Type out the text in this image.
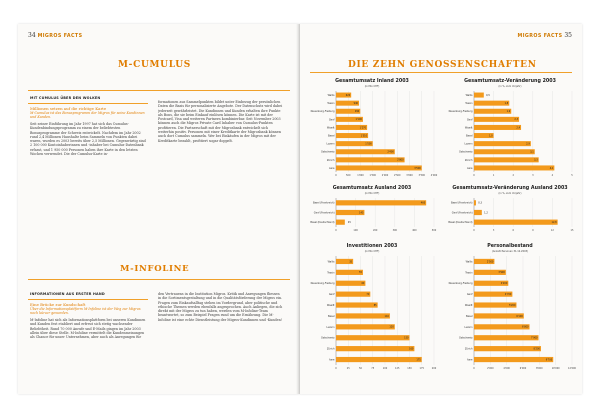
34 MIGROS FACTS
M-CUMULUS
MIT CUMULUS ÜBER DEN WOLKEN
Millionen setzen auf die richtige Karte
M-Cumulus ist das Bonusprogramm der Migros für seine Kundinnen und Kunden.
Seit seiner Einführung im Jahr 1997 hat sich das Cumulus-Kundenbindungsprogramm zu einem der beliebtesten Bonusprogramme der Schweiz entwickelt. Nachdem im Jahr 2002 rund 2,4 Millionen Haushalte beim Sammeln von Punkten dabei waren, wurden es 2003 bereits über 2,5 Millionen. Gegenwärtig sind 2 100 000 Kontoinhaberinnen und -inhaber bei Cumulus-Datenbank erfasst, und 1 950 000 Personen haben ihre Karte in den letzten Wochen verwendet. Die der Cumulus-Karte in-
formationen aus Sammelpunkten bildet unter Einbezug der persönlichen Daten die Basis für personalisierte Angebote. Der Datenschutz wird dabei jederzeit gewährleistet. Die Kundinnen und Kunden erhalten ihre Punkte als Bons, die sie beim Einkauf einlösen können. Die Karte ist mit der Postcard, Visa und weiteren Partnern kombinierbar. Seit November 2003 können auch die Migros Private Card Inhaber von Cumulus-Punkten profitieren. Die Partnerschaft mit der Migrosbank entwickelt sich weiterhin positiv. Personen mit einer Kreditkarte der Migrosbank können auch dort Cumulus sammeln. Wer bei Einkäufen in der Migros mit der Kreditkarte bezahlt, profitiert sogar doppelt.
M-INFOLINE
INFORMATIONEN AUS ERSTER HAND
Eine Brücke zur Kundschaft
Über die Informationsplattform M-Infoline ist der Weg zur Migros noch kürzer geworden.
M-Infoline hat sich als Informationsplattform bei unseren Kundinnen und Kunden fest etabliert und erfreut sich stetig wachsender Beliebtheit. Rund 70 000 Anrufe und E-Mails gingen im Jahr 2003 allein über diese Stelle. M-Infoline vermittelt die Kundenmeinungen als Chance für unser Unternehmen, aber auch als Anregungen für
den Vertrauens in die Institution Migros. Kritik und Anregungen fliessen in die Sortimentsgestaltung und in die Qualitätsförderung der Migros ein. Fragen zum Einkaufsalltag stehen im Vordergrund, aber politische und ethische Themen werden ebenfalls angesprochen. Auch Anliegen, die sich direkt mit der Migros zu tun haben, werden vom M-Infoline-Team beantwortet, so zum Beispiel Fragen rund um die Ernährung. Die M-Infoline ist eine echte Dienstleistung der Migros-Kundinnen und -Kunden!
MIGROS FACTS 35
DIE ZEHN GENOSSENSCHAFTEN
Gesamtumsatz Inland 2003
(in Mio CHF)
0	500	1'000	1'500	2'000	2'500	3'000	3'500	4'000
Wallis	620
Tessin	940
Neuenburg-Freiburg	990
Genf	1'100
Waadt	1'270
Basel	1'310
Luzern	1'500
Ostschweiz	2'400
Zürich	2'800
Aare	3'500
Gesamtumsatz-Veränderung 2003
(in %, zum Vorjahr)
0	1	2	3	4	5
Wallis	0,5
Tessin	1,8
Neuenburg-Freiburg	1,9
Genf	2,3
Waadt	2,4
Basel	1,0
Luzern	2,9
Ostschweiz	3,1
Zürich	3,3
Aare	4,1
Gesamtumsatz Ausland 2003
(in Mio CHF)
0	100	200	300	400	500
Basel (Frankreich)	460
Genf (Frankreich)	145
Basel (Deutschland)	45
Gesamtumsatz-Veränderung Ausland 2003
(in %, zum Vorjahr)
0	3	6	9	12	15
Basel (Frankreich)	0,3
Genf (Frankreich)	1,2
Basel (Deutschland)	12,8
Investitionen 2003
(in Mio CHF)
0	25	50	75	100	125	150	175	200
Wallis	35
Tessin	55
Neuenburg-Freiburg	60
Genf	70
Waadt	85
Basel	110
Luzern	120
Ostschweiz	150
Zürich	160
Aare	175
Personalbestand
(Anzahl Personen 31.12.2003)
0	2'000	4'000	6'000	8'000	10'000	12'000
Wallis	2'500
Tessin	3'900
Neuenburg-Freiburg	4'200
Genf	4'700
Waadt	5'200
Basel	6'100
Luzern	6'800
Ostschweiz	7'900
Zürich	8'200
Aare	9'700
